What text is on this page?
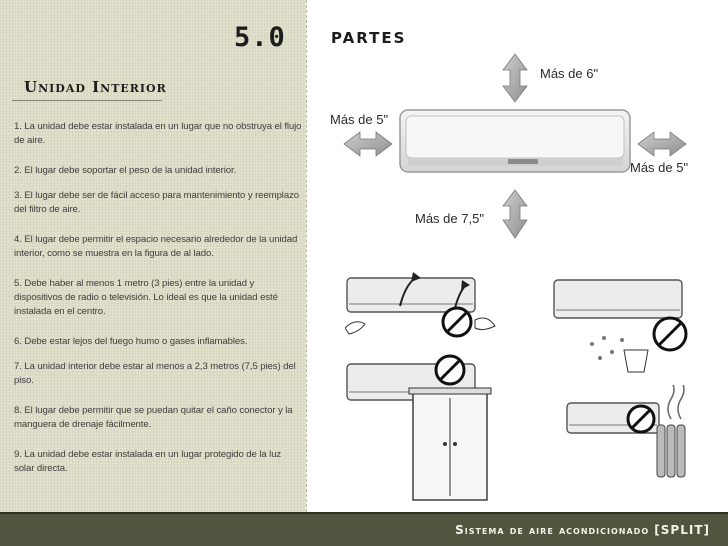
5.0 partes
Unidad Interior

1. La unidad debe estar instalada en un lugar que no obstruya el flujo de aire.

2. El lugar debe soportar el peso de la unidad interior.

3. El lugar debe ser de fácil acceso para mantenimiento y reemplazo del filtro de aire.

4. El lugar debe permitir el espacio necesario alrededor de la unidad interior, como se muestra en la figura de al lado.

5. Debe haber al menos 1 metro (3 pies) entre la unidad y dispositivos de radio o televisión. Lo ideal es que la unidad esté instalada en el centro.

6. Debe estar lejos del fuego humo o gases inflamables.

7. La unidad interior debe estar al menos a 2,3 metros (7,5 pies) del piso.

8. El lugar debe permitir que se puedan quitar el caño conector y la manguera de drenaje fácilmente.

9. La unidad debe estar instalada en un lugar protegido de la luz solar directa.

Más de 6"
Más de 5"
Más de 5"
Más de 7,5"
Sistema de aire acondicionado [SPLIT]
